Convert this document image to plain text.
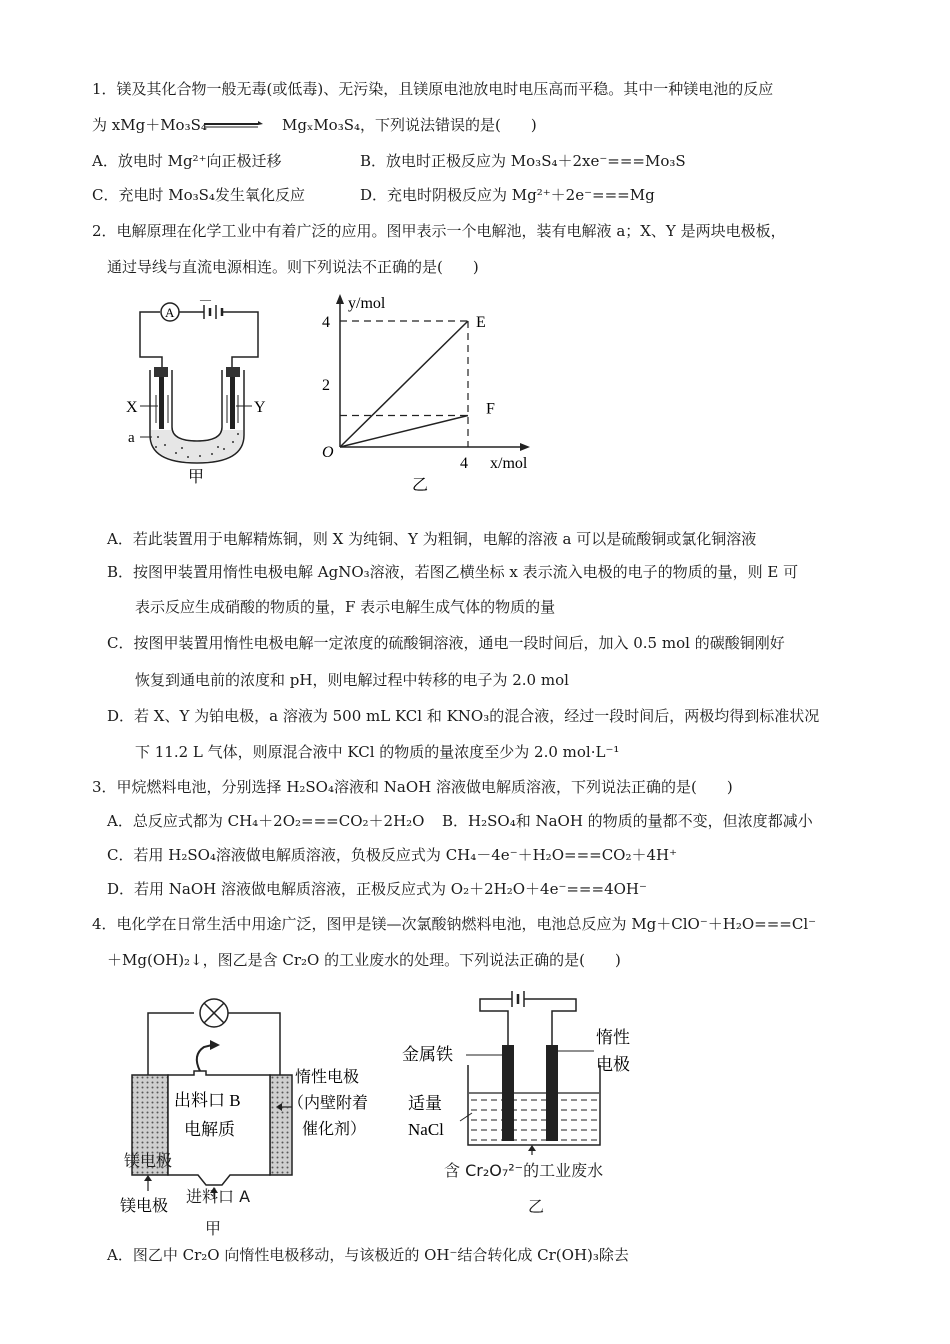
1．镁及其化合物一般无毒(或低毒)、无污染，且镁原电池放电时电压高而平稳。其中一种镁电池的反应
为 xMg＋Mo₃S₄	MgₓMo₃S₄，下列说法错误的是(　　)
A．放电时 Mg²⁺向正极迁移	B．放电时正极反应为 Mo₃S₄＋2xe⁻===Mo₃S
C．充电时 Mo₃S₄发生氧化反应	D．充电时阴极反应为 Mg²⁺＋2e⁻===Mg
2．电解原理在化学工业中有着广泛的应用。图甲表示一个电解池，装有电解液 a；X、Y 是两块电极板，
通过导线与直流电源相连。则下列说法不正确的是(　　)
A
—
X	Y
a
甲
y/mol
x/mol
O
4
2
4
乙
E
F
A．若此装置用于电解精炼铜，则 X 为纯铜、Y 为粗铜，电解的溶液 a 可以是硫酸铜或氯化铜溶液
B．按图甲装置用惰性电极电解 AgNO₃溶液，若图乙横坐标 x 表示流入电极的电子的物质的量，则 E 可
表示反应生成硝酸的物质的量，F 表示电解生成气体的物质的量
C．按图甲装置用惰性电极电解一定浓度的硫酸铜溶液，通电一段时间后，加入 0.5 mol 的碳酸铜刚好
恢复到通电前的浓度和 pH，则电解过程中转移的电子为 2.0 mol
D．若 X、Y 为铂电极，a 溶液为 500 mL KCl 和 KNO₃的混合液，经过一段时间后，两极均得到标准状况
下 11.2 L 气体，则原混合液中 KCl 的物质的量浓度至少为 2.0 mol·L⁻¹
3．甲烷燃料电池，分别选择 H₂SO₄溶液和 NaOH 溶液做电解质溶液，下列说法正确的是(　　)
A．总反应式都为 CH₄＋2O₂===CO₂＋2H₂O B．H₂SO₄和 NaOH 的物质的量都不变，但浓度都减小
C．若用 H₂SO₄溶液做电解质溶液，负极反应式为 CH₄－4e⁻＋H₂O===CO₂＋4H⁺
D．若用 NaOH 溶液做电解质溶液，正极反应式为 O₂＋2H₂O＋4e⁻===4OH⁻
4．电化学在日常生活中用途广泛，图甲是镁—次氯酸钠燃料电池，电池总反应为 Mg＋ClO⁻＋H₂O===Cl⁻
＋Mg(OH)₂↓，图乙是含 Cr₂O 的工业废水的处理。下列说法正确的是(　　)
出料口 B
电解质
惰性电极
（内壁附着
催化剂）
镁电极
进料口 A
镁电极
甲
金属铁
惰性
电极
适量
NaCl
含 Cr₂O₇²⁻的工业废水
乙
A．图乙中 Cr₂O 向惰性电极移动，与该极近的 OH⁻结合转化成 Cr(OH)₃除去
